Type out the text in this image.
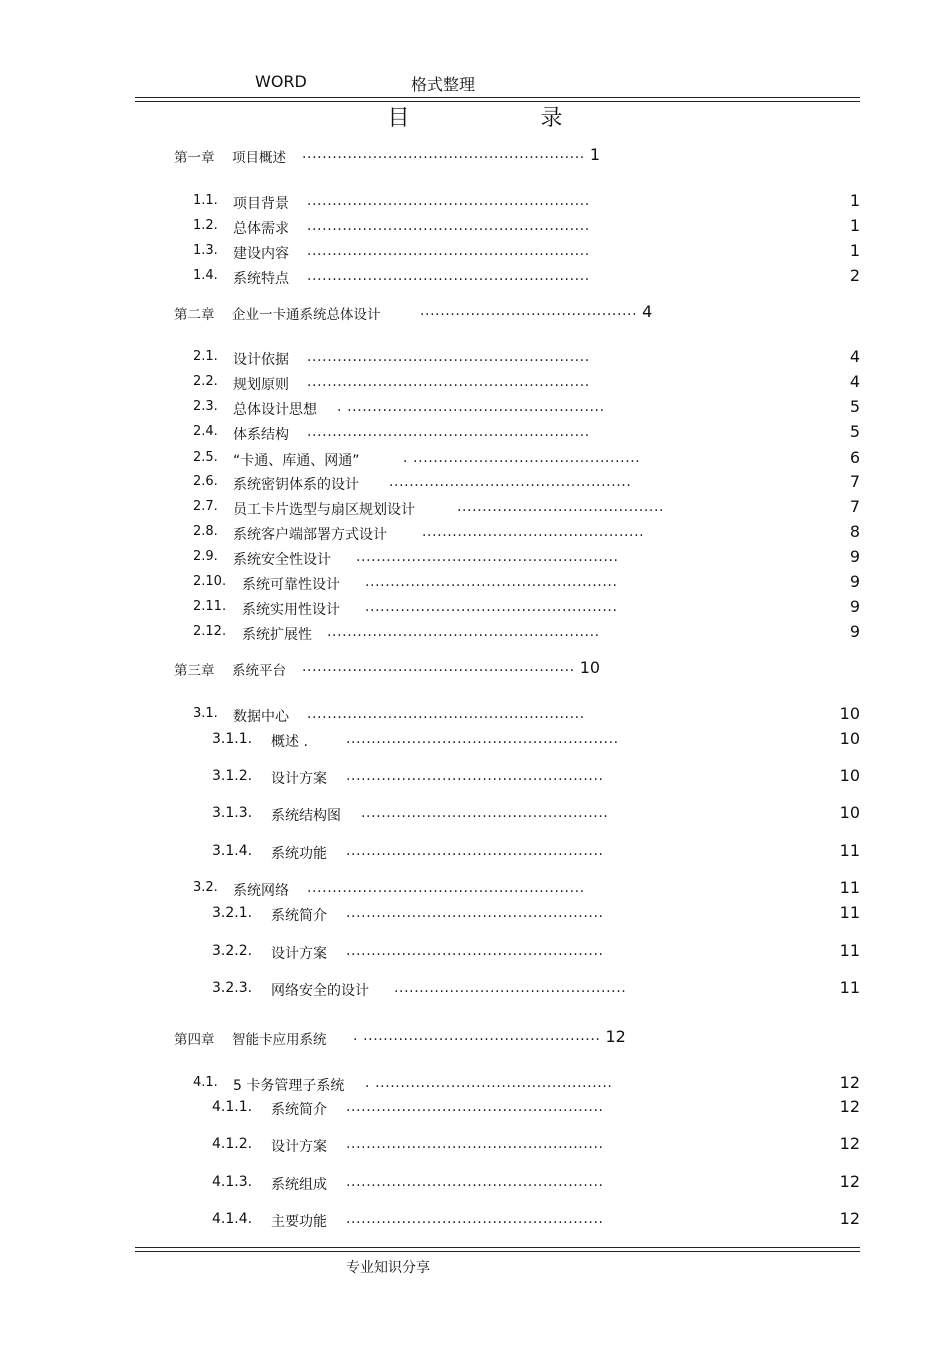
WORD	格式整理
目 录
第一章 项目概述 ........................................................ 1
1.1. 项目背景 ........................................................	1
1.2. 总体需求 ........................................................	1
1.3. 建设内容 ........................................................	1
1.4. 系统特点 ........................................................	2
第二章 企业一卡通系统总体设计	........................................... 4
2.1. 设计依据 ........................................................	4
2.2. 规划原则 ........................................................	4
2.3. 总体设计思想 . ...................................................	5
2.4. 体系结构 ........................................................	5
2.5. “卡通、库通、网通”	. .............................................	6
2.6. 系统密钥体系的设计 ................................................	7
2.7. 员工卡片选型与扇区规划设计	.........................................	7
2.8. 系统客户端部署方式设计	............................................	8
2.9. 系统安全性设计 ....................................................	9
2.10. 系统可靠性设计 ..................................................	9
2.11. 系统实用性设计 ..................................................	9
2.12. 系统扩展性 ......................................................	9
第三章 系统平台 ...................................................... 10
3.1. 数据中心 .......................................................	10
3.1.1. 概述 .	......................................................	10
3.1.2. 设计方案 ...................................................	10
3.1.3. 系统结构图 .................................................	10
3.1.4. 系统功能 ...................................................	11
3.2. 系统网络 .......................................................	11
3.2.1. 系统简介 ...................................................	11
3.2.2. 设计方案 ...................................................	11
3.2.3. 网络安全的设计 ..............................................	11
第四章 智能卡应用系统 . ............................................... 12
4.1. 5 卡务管理子系统 . ...............................................	12
4.1.1. 系统简介 ...................................................	12
4.1.2. 设计方案 ...................................................	12
4.1.3. 系统组成 ...................................................	12
4.1.4. 主要功能 ...................................................	12
专业知识分享
